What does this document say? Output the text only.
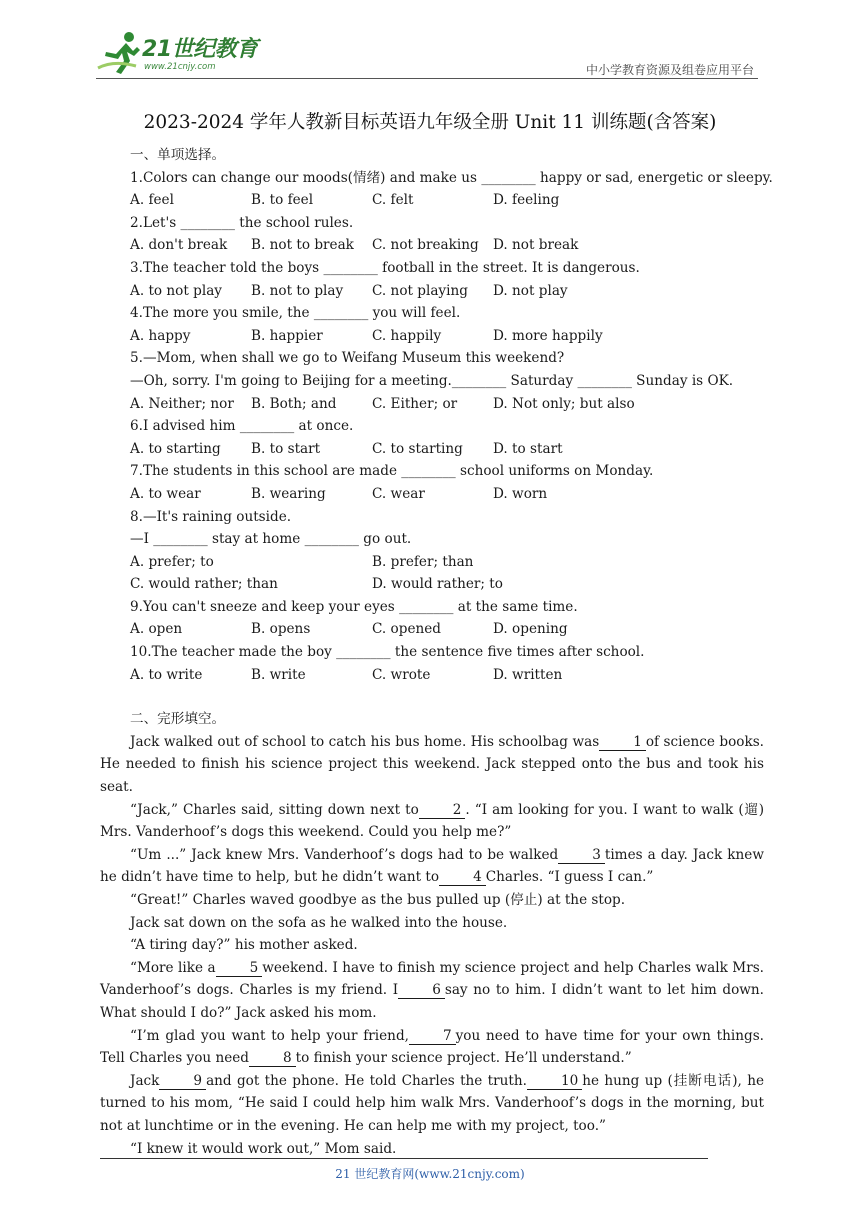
21世纪教育
www.21cnjy.com	中小学教育资源及组卷应用平台
2023-2024 学年人教新目标英语九年级全册 Unit 11 训练题(含答案)
一、单项选择。
1.Colors can change our moods(情绪) and make us ________ happy or sad, energetic or sleepy.
A. feel	B. to feel	C. felt	D. feeling
2.Let's ________ the school rules.
A. don't break	B. not to break	C. not breaking	D. not break
3.The teacher told the boys ________ football in the street. It is dangerous.
A. to not play	B. not to play	C. not playing	D. not play
4.The more you smile, the ________ you will feel.
A. happy	B. happier	C. happily	D. more happily
5.—Mom, when shall we go to Weifang Museum this weekend?
—Oh, sorry. I'm going to Beijing for a meeting.________ Saturday ________ Sunday is OK.
A. Neither; nor	B. Both; and	C. Either; or	D. Not only; but also
6.I advised him ________ at once.
A. to starting	B. to start	C. to starting	D. to start
7.The students in this school are made ________ school uniforms on Monday.
A. to wear	B. wearing	C. wear	D. worn
8.—It's raining outside.
—I ________ stay at home ________ go out.
A. prefer; to	B. prefer; than
C. would rather; than	D. would rather; to
9.You can't sneeze and keep your eyes ________ at the same time.
A. open	B. opens	C. opened	D. opening
10.The teacher made the boy ________ the sentence five times after school.
A. to write	B. write	C. wrote	D. written
二、完形填空。

Jack walked out of school to catch his bus home. His schoolbag was	1 of science books. He needed to finish his science project this weekend. Jack stepped onto the bus and took his seat.

“Jack,” Charles said, sitting down next to	2 . “I am looking for you. I want to walk (遛) Mrs. Vanderhoof’s dogs this weekend. Could you help me?”

“Um ...” Jack knew Mrs. Vanderhoof’s dogs had to be walked	3 times a day. Jack knew he didn’t have time to help, but he didn’t want to	4 Charles. “I guess I can.”

“Great!” Charles waved goodbye as the bus pulled up (停止) at the stop.

Jack sat down on the sofa as he walked into the house.

“A tiring day?” his mother asked.

“More like a	5 weekend. I have to finish my science project and help Charles walk Mrs. Vanderhoof’s dogs. Charles is my friend. I	6 say no to him. I didn’t want to let him down. What should I do?” Jack asked his mom.

“I’m glad you want to help your friend,	7 you need to have time for your own things. Tell Charles you need	8 to finish your science project. He’ll understand.”

Jack	9 and got the phone. He told Charles the truth.	10 he hung up (挂断电话), he turned to his mom, “He said I could help him walk Mrs. Vanderhoof’s dogs in the morning, but not at lunchtime or in the evening. He can help me with my project, too.”

“I knew it would work out,” Mom said.

21 世纪教育网(www.21cnjy.com)
